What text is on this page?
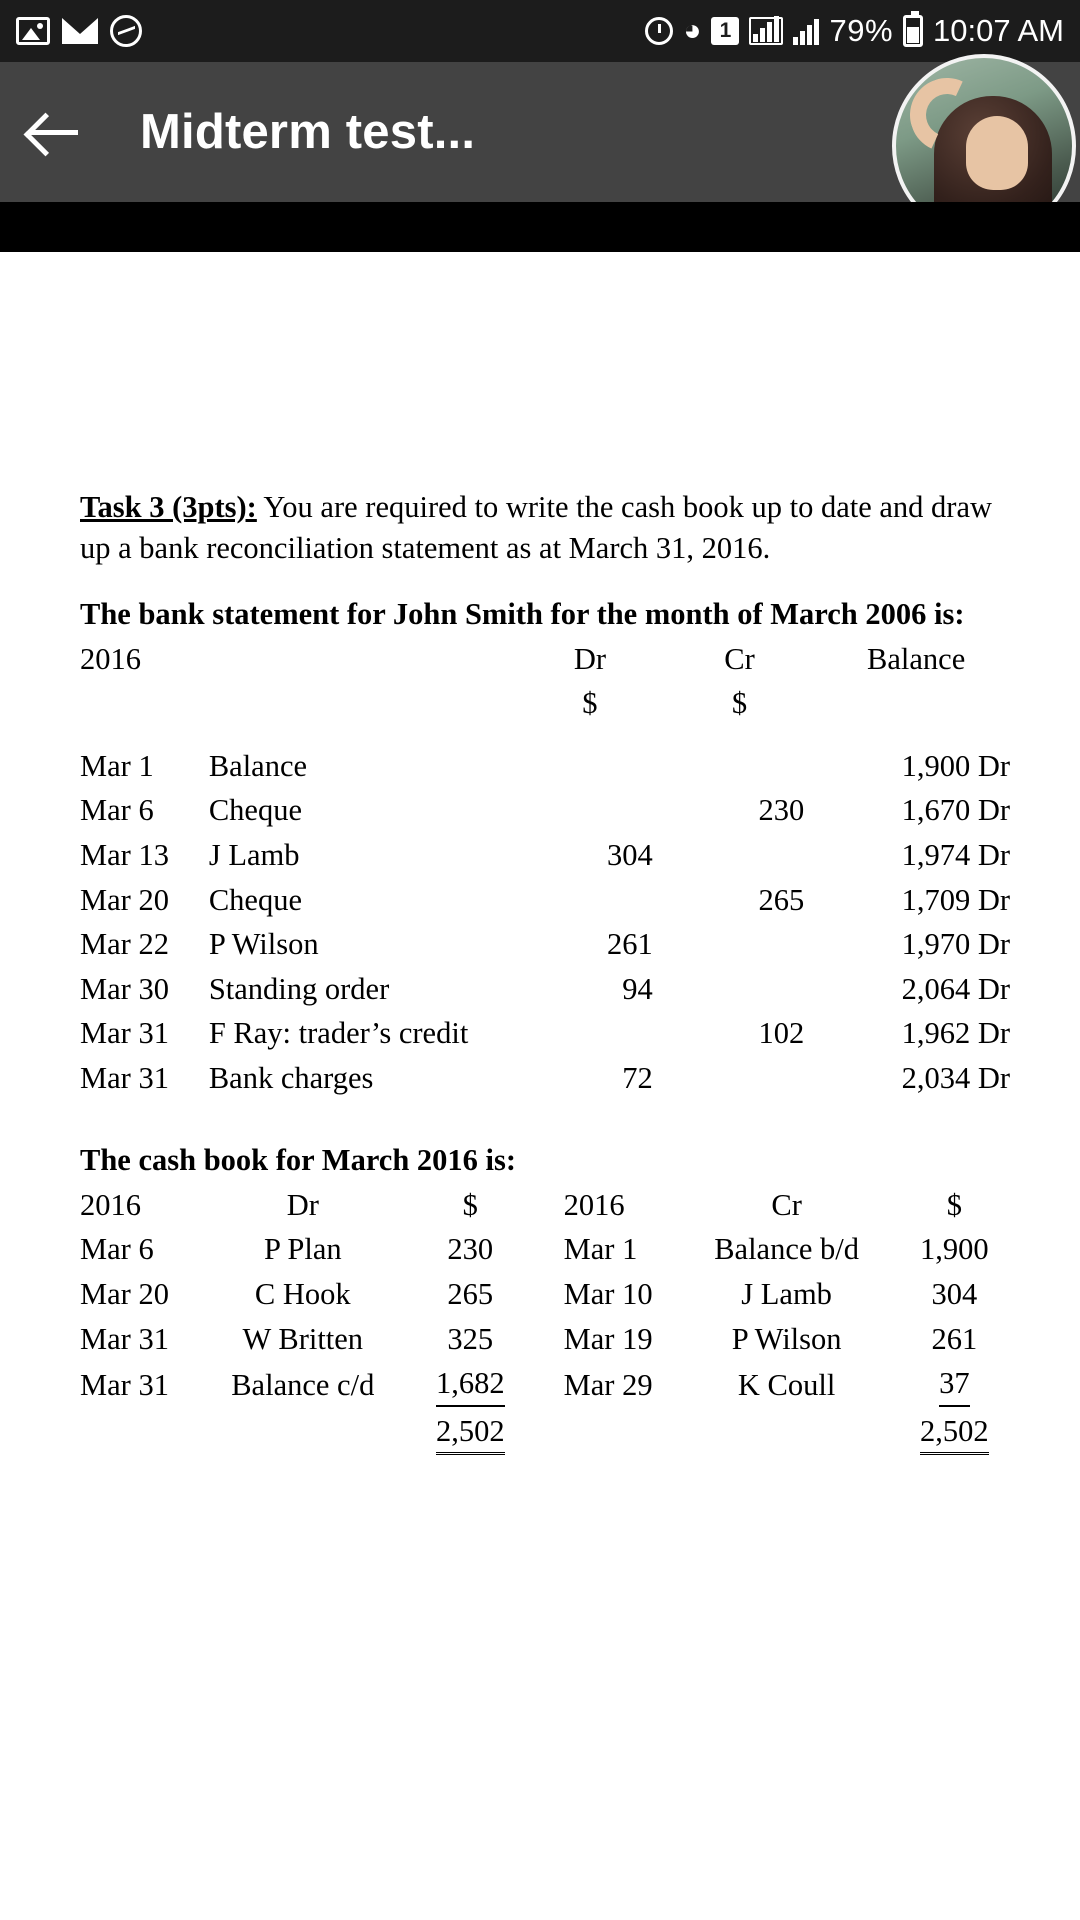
◕ 1	79% 10:07 AM
Midterm test...
Task 3 (3pts): You are required to write the cash book up to date and draw up a bank reconciliation statement as at March 31, 2016.
The bank statement for John Smith for the month of March 2006 is:
2016		Dr	Cr	Balance
		$	$	

Mar 1	Balance			1,900 Dr
Mar 6	Cheque		230	1,670 Dr
Mar 13	J Lamb	304		1,974 Dr
Mar 20	Cheque		265	1,709 Dr
Mar 22	P Wilson	261		1,970 Dr
Mar 30	Standing order	94		2,064 Dr
Mar 31	F Ray: trader’s credit		102	1,962 Dr
Mar 31	Bank charges	72		2,034 Dr
The cash book for March 2016 is:
2016	Dr	$		2016	Cr	$
Mar 6	P Plan	230		Mar 1	Balance b/d	1,900
Mar 20	C Hook	265		Mar 10	J Lamb	304
Mar 31	W Britten	325		Mar 19	P Wilson	261
Mar 31	Balance c/d	1,682		Mar 29	K Coull	37
		2,502				2,502
